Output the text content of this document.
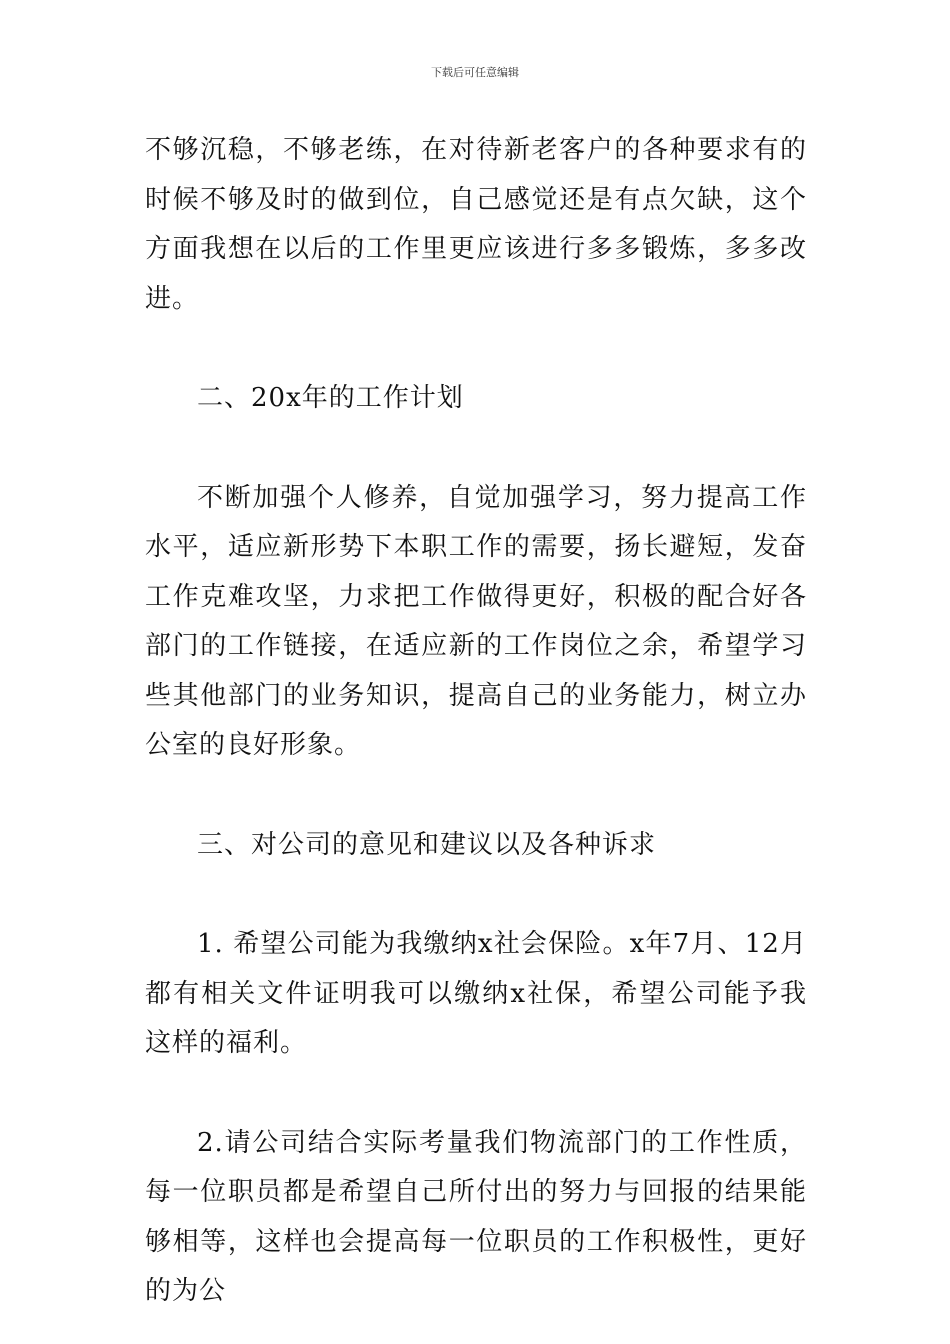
下载后可任意编辑

不够沉稳，不够老练，在对待新老客户的各种要求有的时候不够及时的做到位，自己感觉还是有点欠缺，这个方面我想在以后的工作里更应该进行多多锻炼，多多改进。

二、20x年的工作计划

不断加强个人修养，自觉加强学习，努力提高工作水平，适应新形势下本职工作的需要，扬长避短，发奋工作克难攻坚，力求把工作做得更好，积极的配合好各部门的工作链接，在适应新的工作岗位之余，希望学习些其他部门的业务知识，提高自己的业务能力，树立办公室的良好形象。

三、对公司的意见和建议以及各种诉求

1. 希望公司能为我缴纳x社会保险。x年7月、12月都有相关文件证明我可以缴纳x社保，希望公司能予我这样的福利。

2.请公司结合实际考量我们物流部门的工作性质，每一位职员都是希望自己所付出的努力与回报的结果能够相等，这样也会提高每一位职员的工作积极性，更好的为公
